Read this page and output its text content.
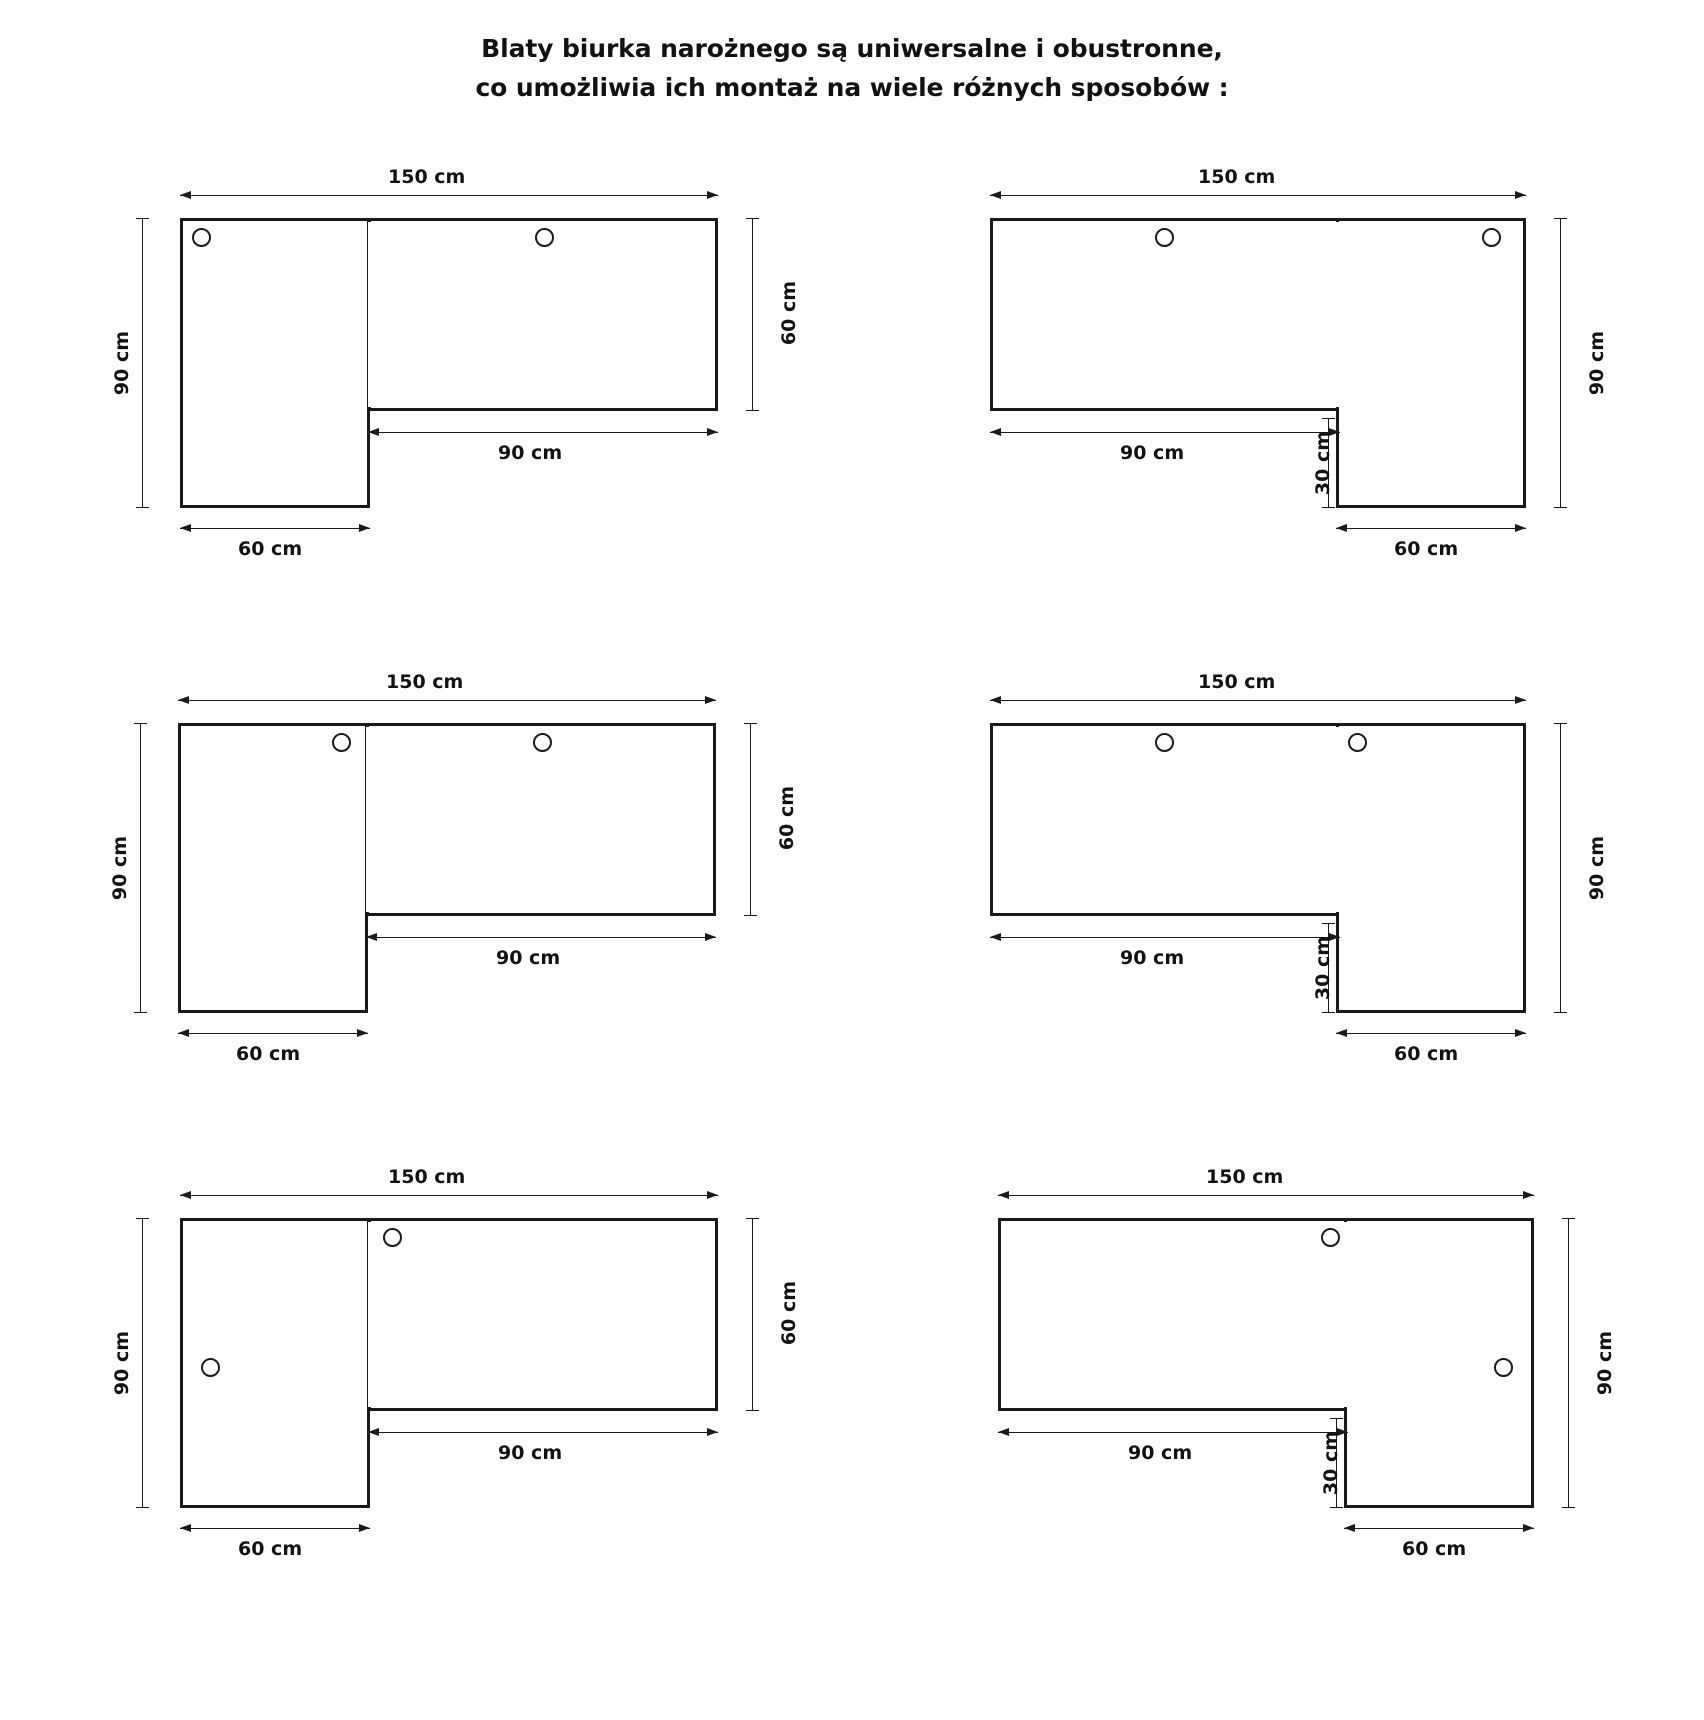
Blaty biurka narożnego są uniwersalne i obustronne,
co umożliwia ich montaż na wiele różnych sposobów :
150 cm
90 cm
60 cm
90 cm
60 cm
150 cm
90 cm	30 cm
90 cm
60 cm
150 cm
90 cm
60 cm
90 cm
60 cm
150 cm
90 cm	30 cm
90 cm
60 cm
150 cm
90 cm
60 cm
90 cm
60 cm
150 cm
90 cm	30 cm
90 cm
60 cm
